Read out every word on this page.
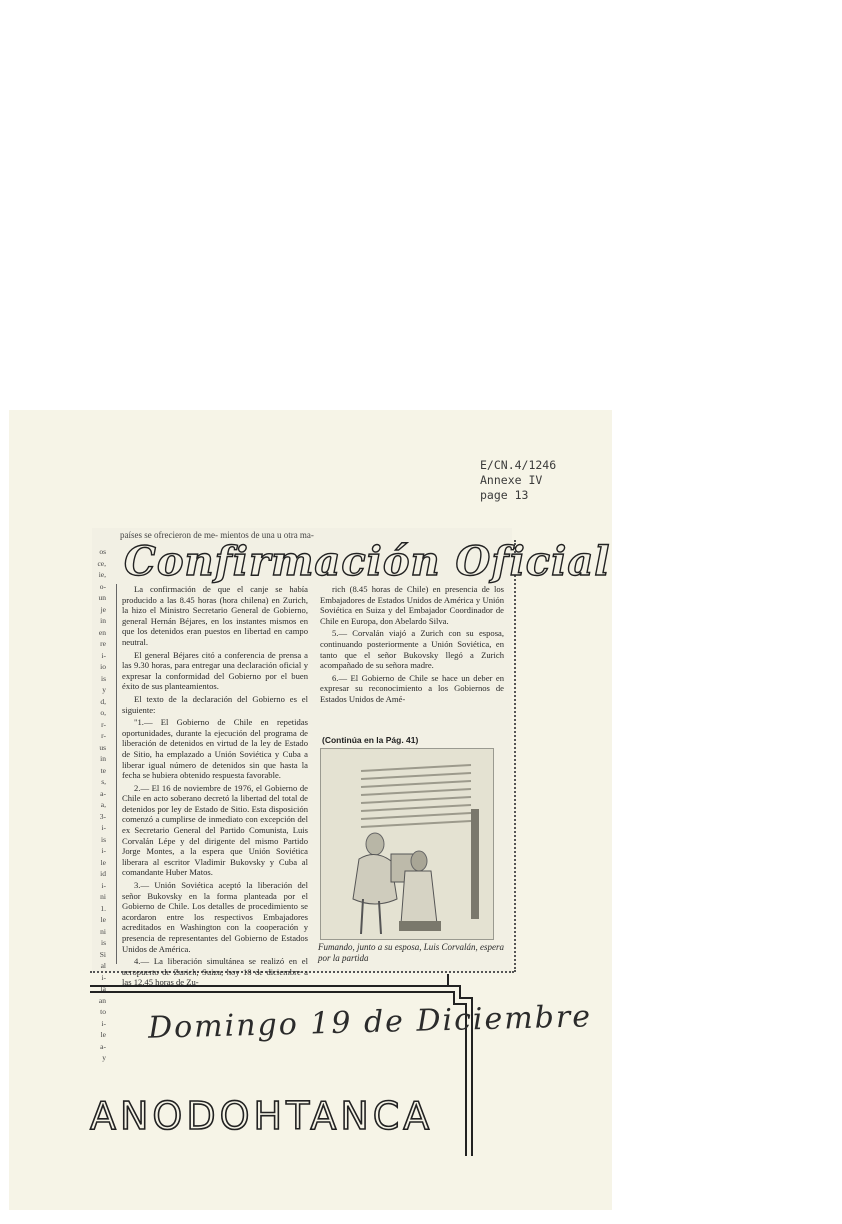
E/CN.4/1246
Annexe IV
page 13
países se ofrecieron de me- mientos de una u otra ma-
os
ce,
ie,
o-
un
je
in
en
re
i-
io
is
y
d,
o,
r-
r-
us
in
te
s,
a-
a,
3-
i-
is
i-
le
id
i-
ni
1.
le
ni
is
Si
al
i-
la
an
to
i-
le
a-
y
Confirmación Oficial

La confirmación de que el canje se había producido a las 8.45 horas (hora chilena) en Zurich, la hizo el Ministro Secretario General de Gobierno, general Hernán Béjares, en los instantes mismos en que los detenidos eran puestos en libertad en campo neutral.

El general Béjares citó a conferencia de prensa a las 9.30 horas, para entregar una declaración oficial y expresar la conformidad del Gobierno por el buen éxito de sus planteamientos.

El texto de la declaración del Gobierno es el siguiente:

"1.— El Gobierno de Chile en repetidas oportunidades, durante la ejecución del programa de liberación de detenidos en virtud de la ley de Estado de Sitio, ha emplazado a Unión Soviética y Cuba a liberar igual número de detenidos sin que hasta la fecha se hubiera obtenido respuesta favorable.

2.— El 16 de noviembre de 1976, el Gobierno de Chile en acto soberano decretó la libertad del total de detenidos por ley de Estado de Sitio. Esta disposición comenzó a cumplirse de inmediato con excepción del ex Secretario General del Partido Comunista, Luis Corvalán Lépe y del dirigente del mismo Partido Jorge Montes, a la espera que Unión Soviética liberara al escritor Vladimir Bukovsky y Cuba al comandante Huber Matos.

3.— Unión Soviética aceptó la liberación del señor Bukovsky en la forma planteada por el Gobierno de Chile. Los detalles de procedimiento se acordaron entre los respectivos Embajadores acreditados en Washington con la cooperación y presencia de representantes del Gobierno de Estados Unidos de América.

4.— La liberación simultánea se realizó en el aeropuerto de Zurich, Suiza, hoy 18 de diciembre a las 12.45 horas de Zu-

rich (8.45 horas de Chile) en presencia de los Embajadores de Estados Unidos de América y Unión Soviética en Suiza y del Embajador Coordinador de Chile en Europa, don Abelardo Silva.

5.— Corvalán viajó a Zurich con su esposa, continuando posteriormente a Unión Soviética, en tanto que el señor Bukovsky llegó a Zurich acompañado de su señora madre.

6.— El Gobierno de Chile se hace un deber en expresar su reconocimiento a los Gobiernos de Estados Unidos de Amé-

(Continúa en la Pág. 41)
Fumando, junto a su esposa, Luis Corvalán, espera por la partida
Domingo 19 de Diciembre
ANODOHTANCA
